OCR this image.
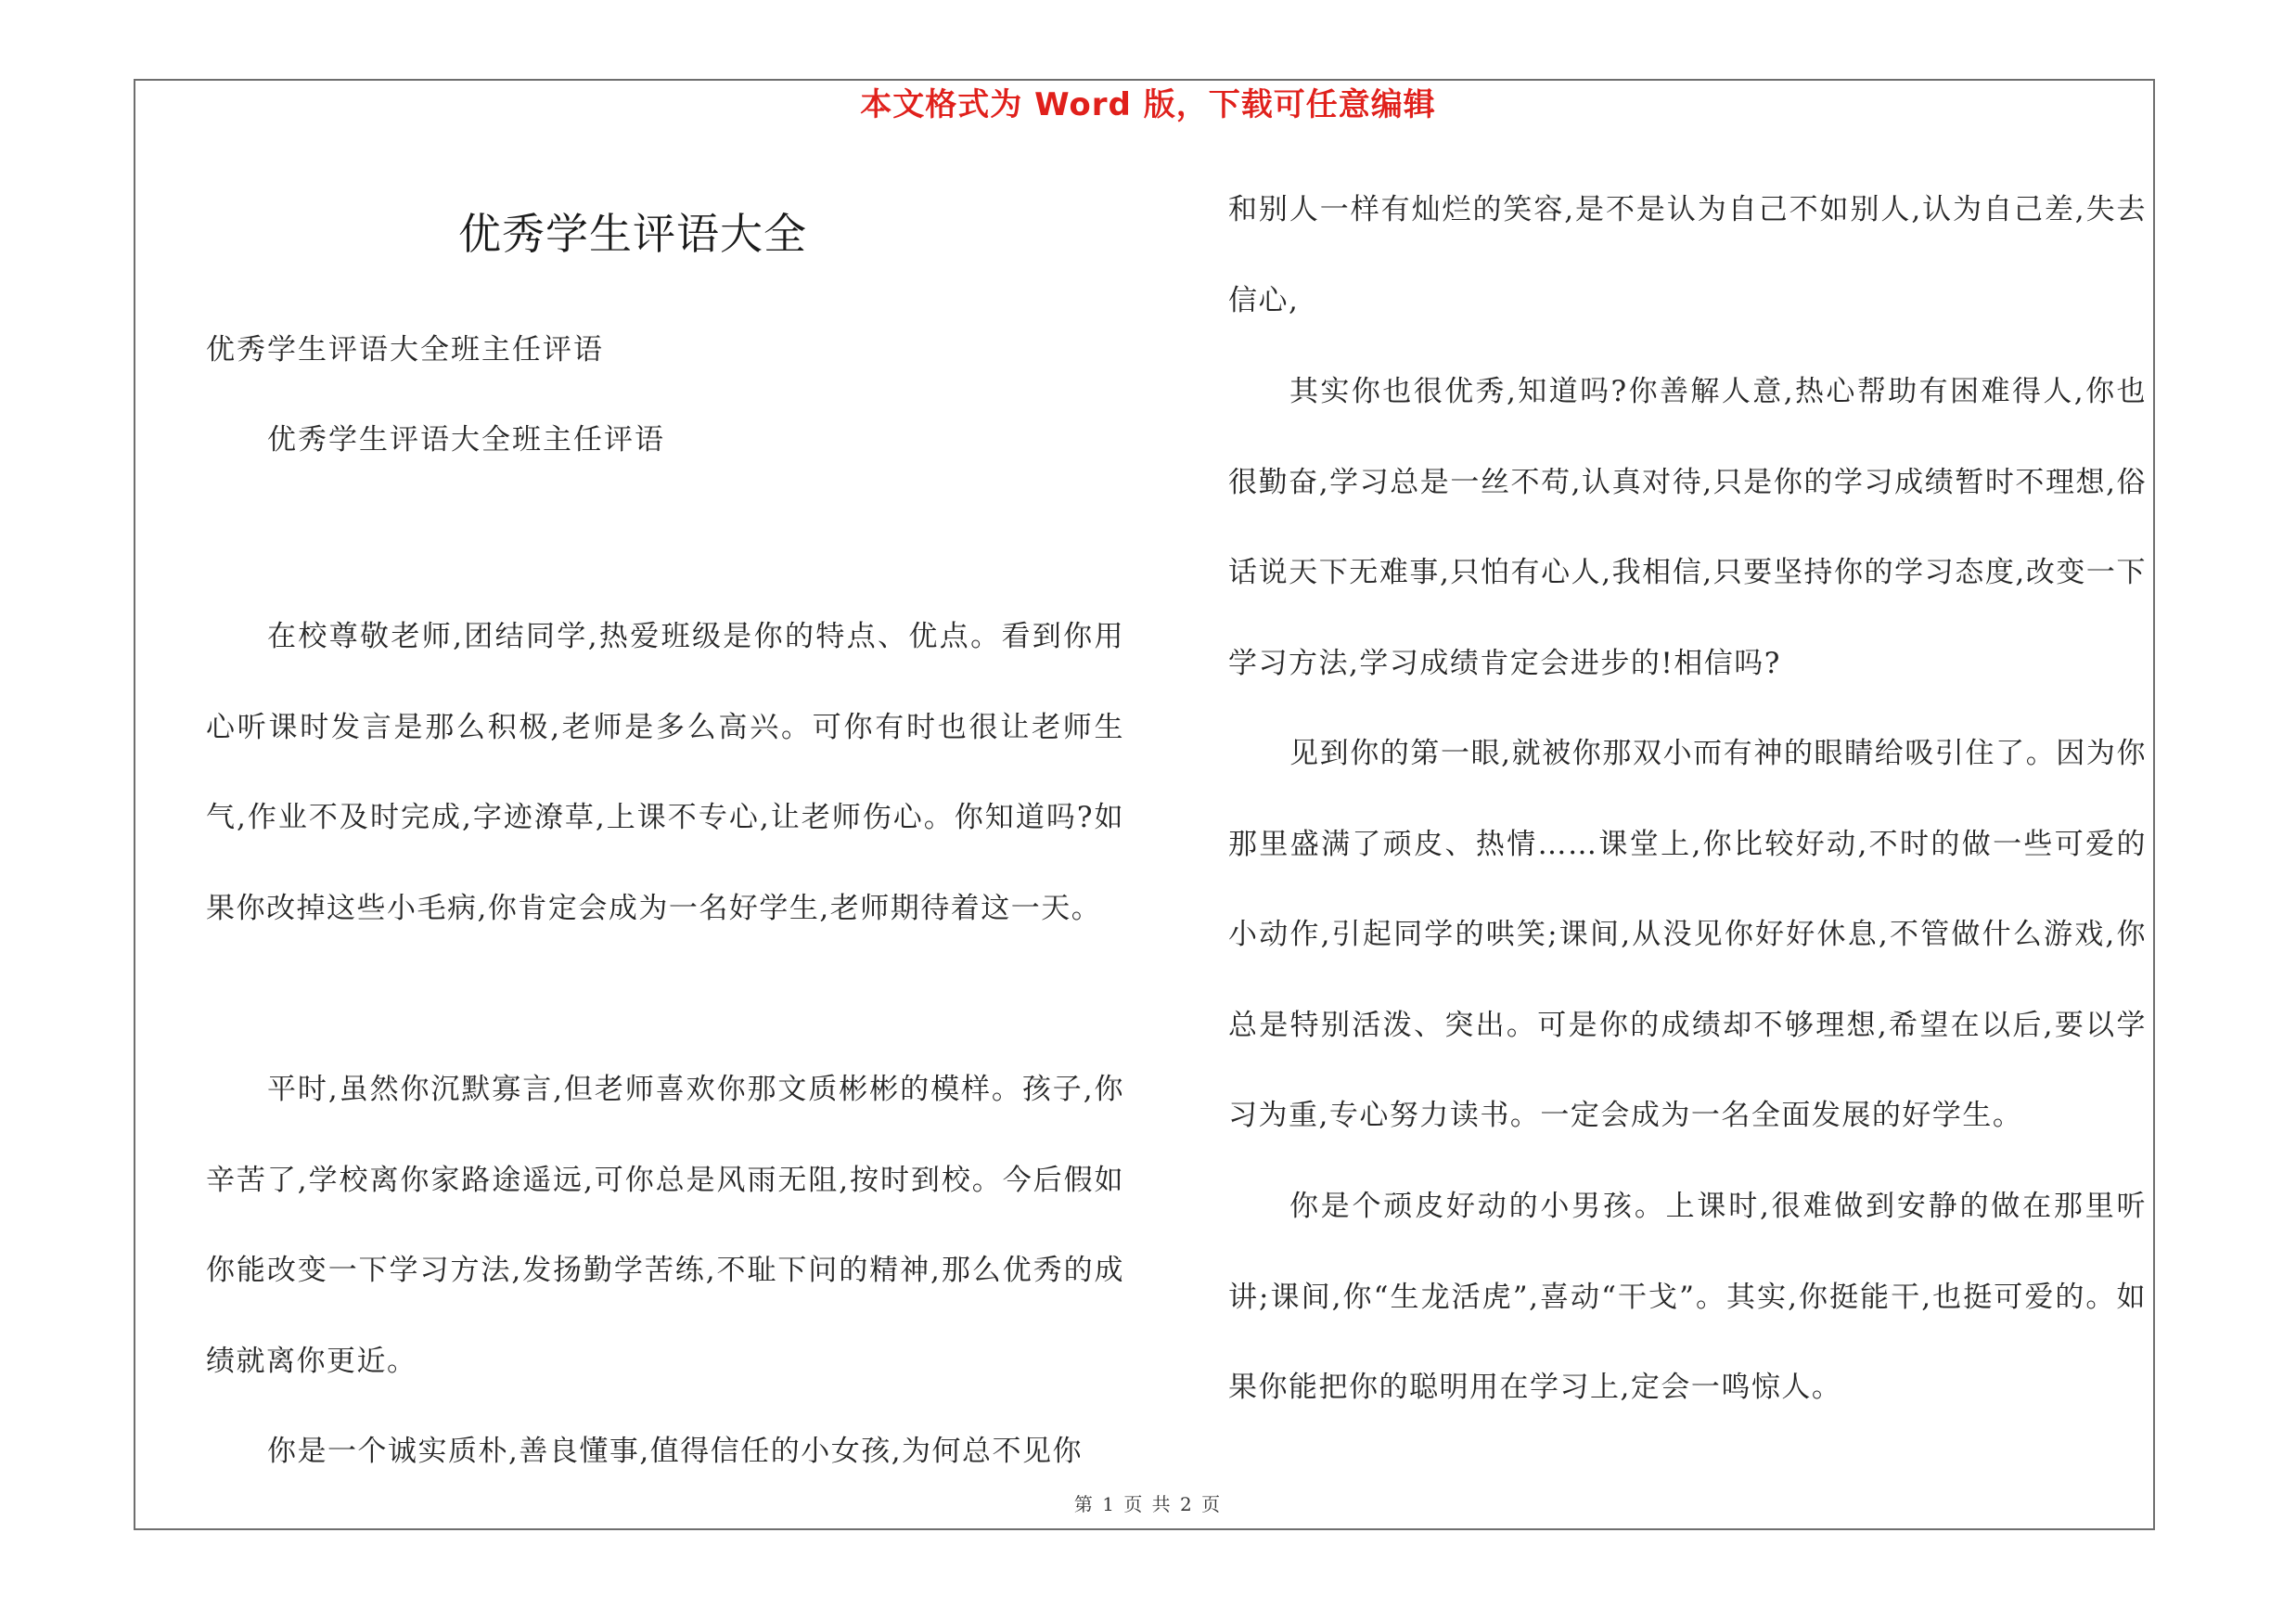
本文格式为 Word 版，下载可任意编辑
优秀学生评语大全
优秀学生评语大全班主任评语
优秀学生评语大全班主任评语

在校尊敬老师,团结同学,热爱班级是你的特点、优点。看到你用心听课时发言是那么积极,老师是多么高兴。可你有时也很让老师生气,作业不及时完成,字迹潦草,上课不专心,让老师伤心。你知道吗?如果你改掉这些小毛病,你肯定会成为一名好学生,老师期待着这一天。

平时,虽然你沉默寡言,但老师喜欢你那文质彬彬的模样。孩子,你辛苦了,学校离你家路途遥远,可你总是风雨无阻,按时到校。今后假如你能改变一下学习方法,发扬勤学苦练,不耻下问的精神,那么优秀的成绩就离你更近。

你是一个诚实质朴,善良懂事,值得信任的小女孩,为何总不见你

和别人一样有灿烂的笑容,是不是认为自己不如别人,认为自己差,失去信心,

其实你也很优秀,知道吗?你善解人意,热心帮助有困难得人,你也很勤奋,学习总是一丝不苟,认真对待,只是你的学习成绩暂时不理想,俗话说天下无难事,只怕有心人,我相信,只要坚持你的学习态度,改变一下学习方法,学习成绩肯定会进步的!相信吗?

见到你的第一眼,就被你那双小而有神的眼睛给吸引住了。因为你那里盛满了顽皮、热情……课堂上,你比较好动,不时的做一些可爱的小动作,引起同学的哄笑;课间,从没见你好好休息,不管做什么游戏,你总是特别活泼、突出。可是你的成绩却不够理想,希望在以后,要以学习为重,专心努力读书。一定会成为一名全面发展的好学生。

你是个顽皮好动的小男孩。上课时,很难做到安静的做在那里听讲;课间,你“生龙活虎”,喜动“干戈”。其实,你挺能干,也挺可爱的。如果你能把你的聪明用在学习上,定会一鸣惊人。

第 1 页 共 2 页
